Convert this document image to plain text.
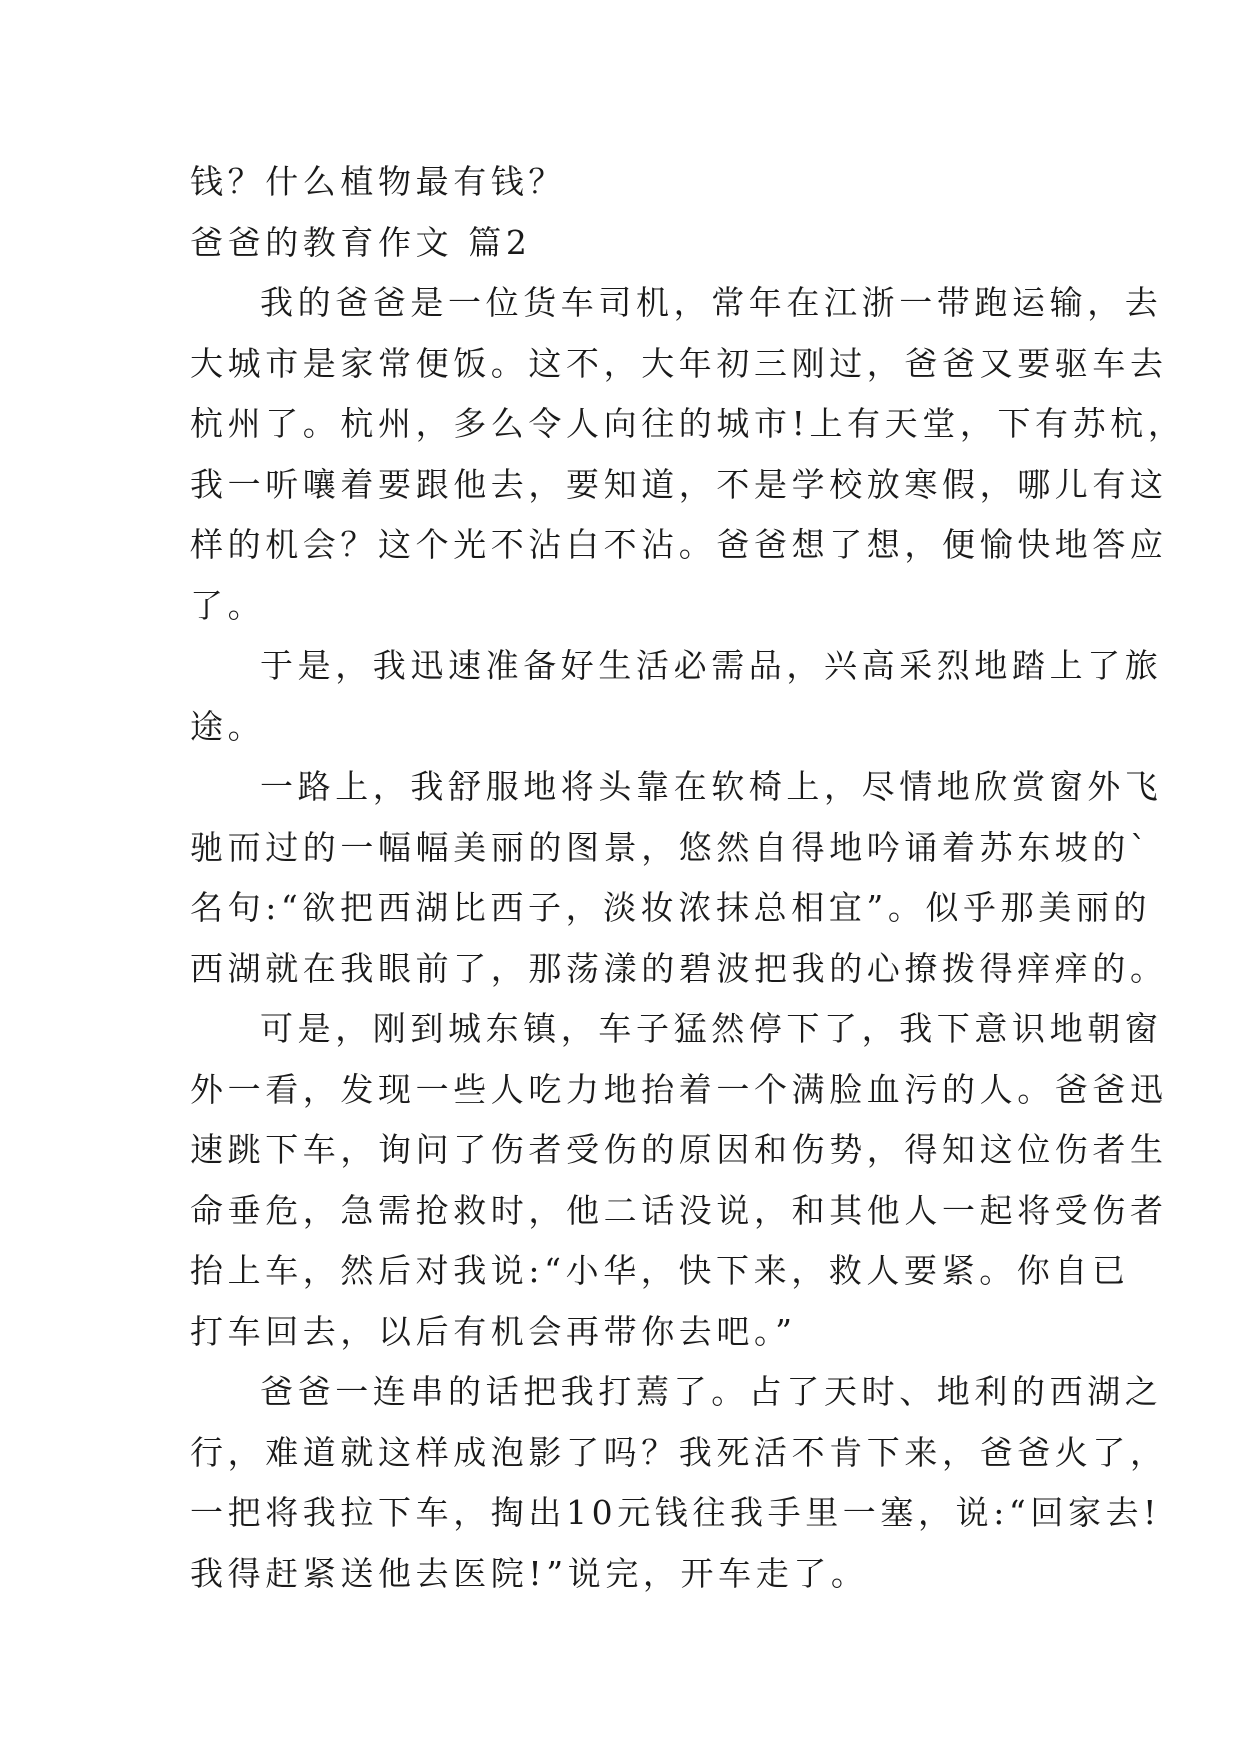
钱？什么植物最有钱？
爸爸的教育作文 篇2
我的爸爸是一位货车司机，常年在江浙一带跑运输，去
大城市是家常便饭。这不，大年初三刚过，爸爸又要驱车去
杭州了。杭州，多么令人向往的城市!上有天堂，下有苏杭，
我一听嚷着要跟他去，要知道，不是学校放寒假，哪儿有这
样的机会？这个光不沾白不沾。爸爸想了想，便愉快地答应
了。
于是，我迅速准备好生活必需品，兴高采烈地踏上了旅
途。
一路上，我舒服地将头靠在软椅上，尽情地欣赏窗外飞
驰而过的一幅幅美丽的图景，悠然自得地吟诵着苏东坡的`
名句:“欲把西湖比西子，淡妆浓抹总相宜”。似乎那美丽的
西湖就在我眼前了，那荡漾的碧波把我的心撩拨得痒痒的。
可是，刚到城东镇，车子猛然停下了，我下意识地朝窗
外一看，发现一些人吃力地抬着一个满脸血污的人。爸爸迅
速跳下车，询问了伤者受伤的原因和伤势，得知这位伤者生
命垂危，急需抢救时，他二话没说，和其他人一起将受伤者
抬上车，然后对我说:“小华，快下来，救人要紧。你自已
打车回去，以后有机会再带你去吧。”
爸爸一连串的话把我打蔫了。占了天时、地利的西湖之
行，难道就这样成泡影了吗？我死活不肯下来，爸爸火了，
一把将我拉下车，掏出10元钱往我手里一塞，说:“回家去!
我得赶紧送他去医院!”说完，开车走了。
